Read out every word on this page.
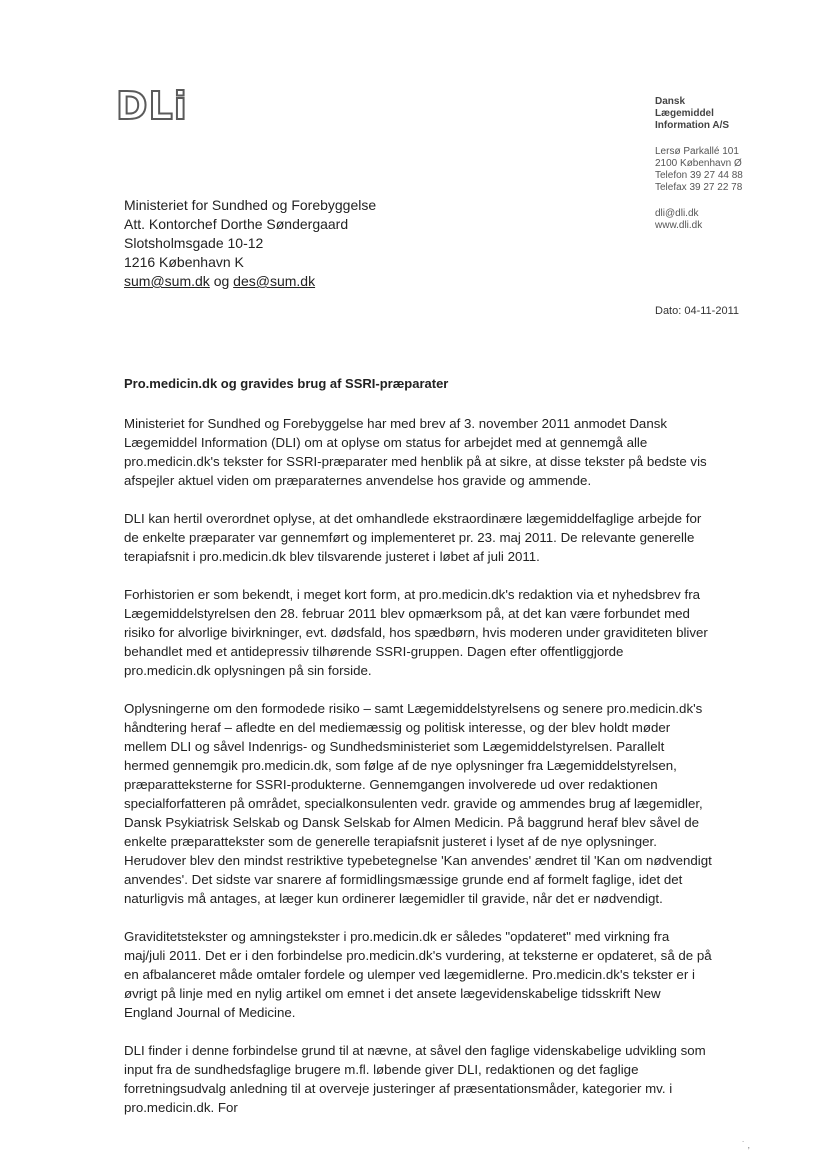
DLi	Dansk
Lægemiddel
Information A/S
Lersø Parkallé 101
2100 København Ø
Telefon 39 27 44 88
Telefax 39 27 22 78
dli@dli.dk
www.dli.dk
Ministeriet for Sundhed og Forebyggelse
Att. Kontorchef Dorthe Søndergaard
Slotsholmsgade 10-12
1216 København K
sum@sum.dk og des@sum.dk
Dato: 04-11-2011
Pro.medicin.dk og gravides brug af SSRI-præparater

Ministeriet for Sundhed og Forebyggelse har med brev af 3. november 2011 anmodet Dansk Lægemiddel Information (DLI) om at oplyse om status for arbejdet med at gennemgå alle pro.medicin.dk's tekster for SSRI-præparater med henblik på at sikre, at disse tekster på bedste vis afspejler aktuel viden om præparaternes anvendelse hos gravide og ammende.

DLI kan hertil overordnet oplyse, at det omhandlede ekstraordinære lægemiddelfaglige arbejde for de enkelte præparater var gennemført og implementeret pr. 23. maj 2011. De relevante generelle terapiafsnit i pro.medicin.dk blev tilsvarende justeret i løbet af juli 2011.

Forhistorien er som bekendt, i meget kort form, at pro.medicin.dk's redaktion via et nyhedsbrev fra Lægemiddelstyrelsen den 28. februar 2011 blev opmærksom på, at det kan være forbundet med risiko for alvorlige bivirkninger, evt. dødsfald, hos spædbørn, hvis moderen under graviditeten bliver behandlet med et antidepressiv tilhørende SSRI-gruppen. Dagen efter offentliggjorde pro.medicin.dk oplysningen på sin forside.

Oplysningerne om den formodede risiko – samt Lægemiddelstyrelsens og senere pro.medicin.dk's håndtering heraf – afledte en del mediemæssig og politisk interesse, og der blev holdt møder mellem DLI og såvel Indenrigs- og Sundhedsministeriet som Lægemiddelstyrelsen. Parallelt hermed gennemgik pro.medicin.dk, som følge af de nye oplysninger fra Lægemiddelstyrelsen, præparatteksterne for SSRI-produkterne. Gennemgangen involverede ud over redaktionen specialforfatteren på området, specialkonsulenten vedr. gravide og ammendes brug af lægemidler, Dansk Psykiatrisk Selskab og Dansk Selskab for Almen Medicin. På baggrund heraf blev såvel de enkelte præparattekster som de generelle terapiafsnit justeret i lyset af de nye oplysninger. Herudover blev den mindst restriktive typebetegnelse 'Kan anvendes' ændret til 'Kan om nødvendigt anvendes'. Det sidste var snarere af formidlingsmæssige grunde end af formelt faglige, idet det naturligvis må antages, at læger kun ordinerer lægemidler til gravide, når det er nødvendigt.

Graviditetstekster og amningstekster i pro.medicin.dk er således "opdateret" med virkning fra maj/juli 2011. Det er i den forbindelse pro.medicin.dk's vurdering, at teksterne er opdateret, så de på en afbalanceret måde omtaler fordele og ulemper ved lægemidlerne. Pro.medicin.dk's tekster er i øvrigt på linje med en nylig artikel om emnet i det ansete lægevidenskabelige tidsskrift New England Journal of Medicine.

DLI finder i denne forbindelse grund til at nævne, at såvel den faglige videnskabelige udvikling som input fra de sundhedsfaglige brugere m.fl. løbende giver DLI, redaktionen og det faglige forretningsudvalg anledning til at overveje justeringer af præsentationsmåder, kategorier mv. i pro.medicin.dk. For

˙ ,
